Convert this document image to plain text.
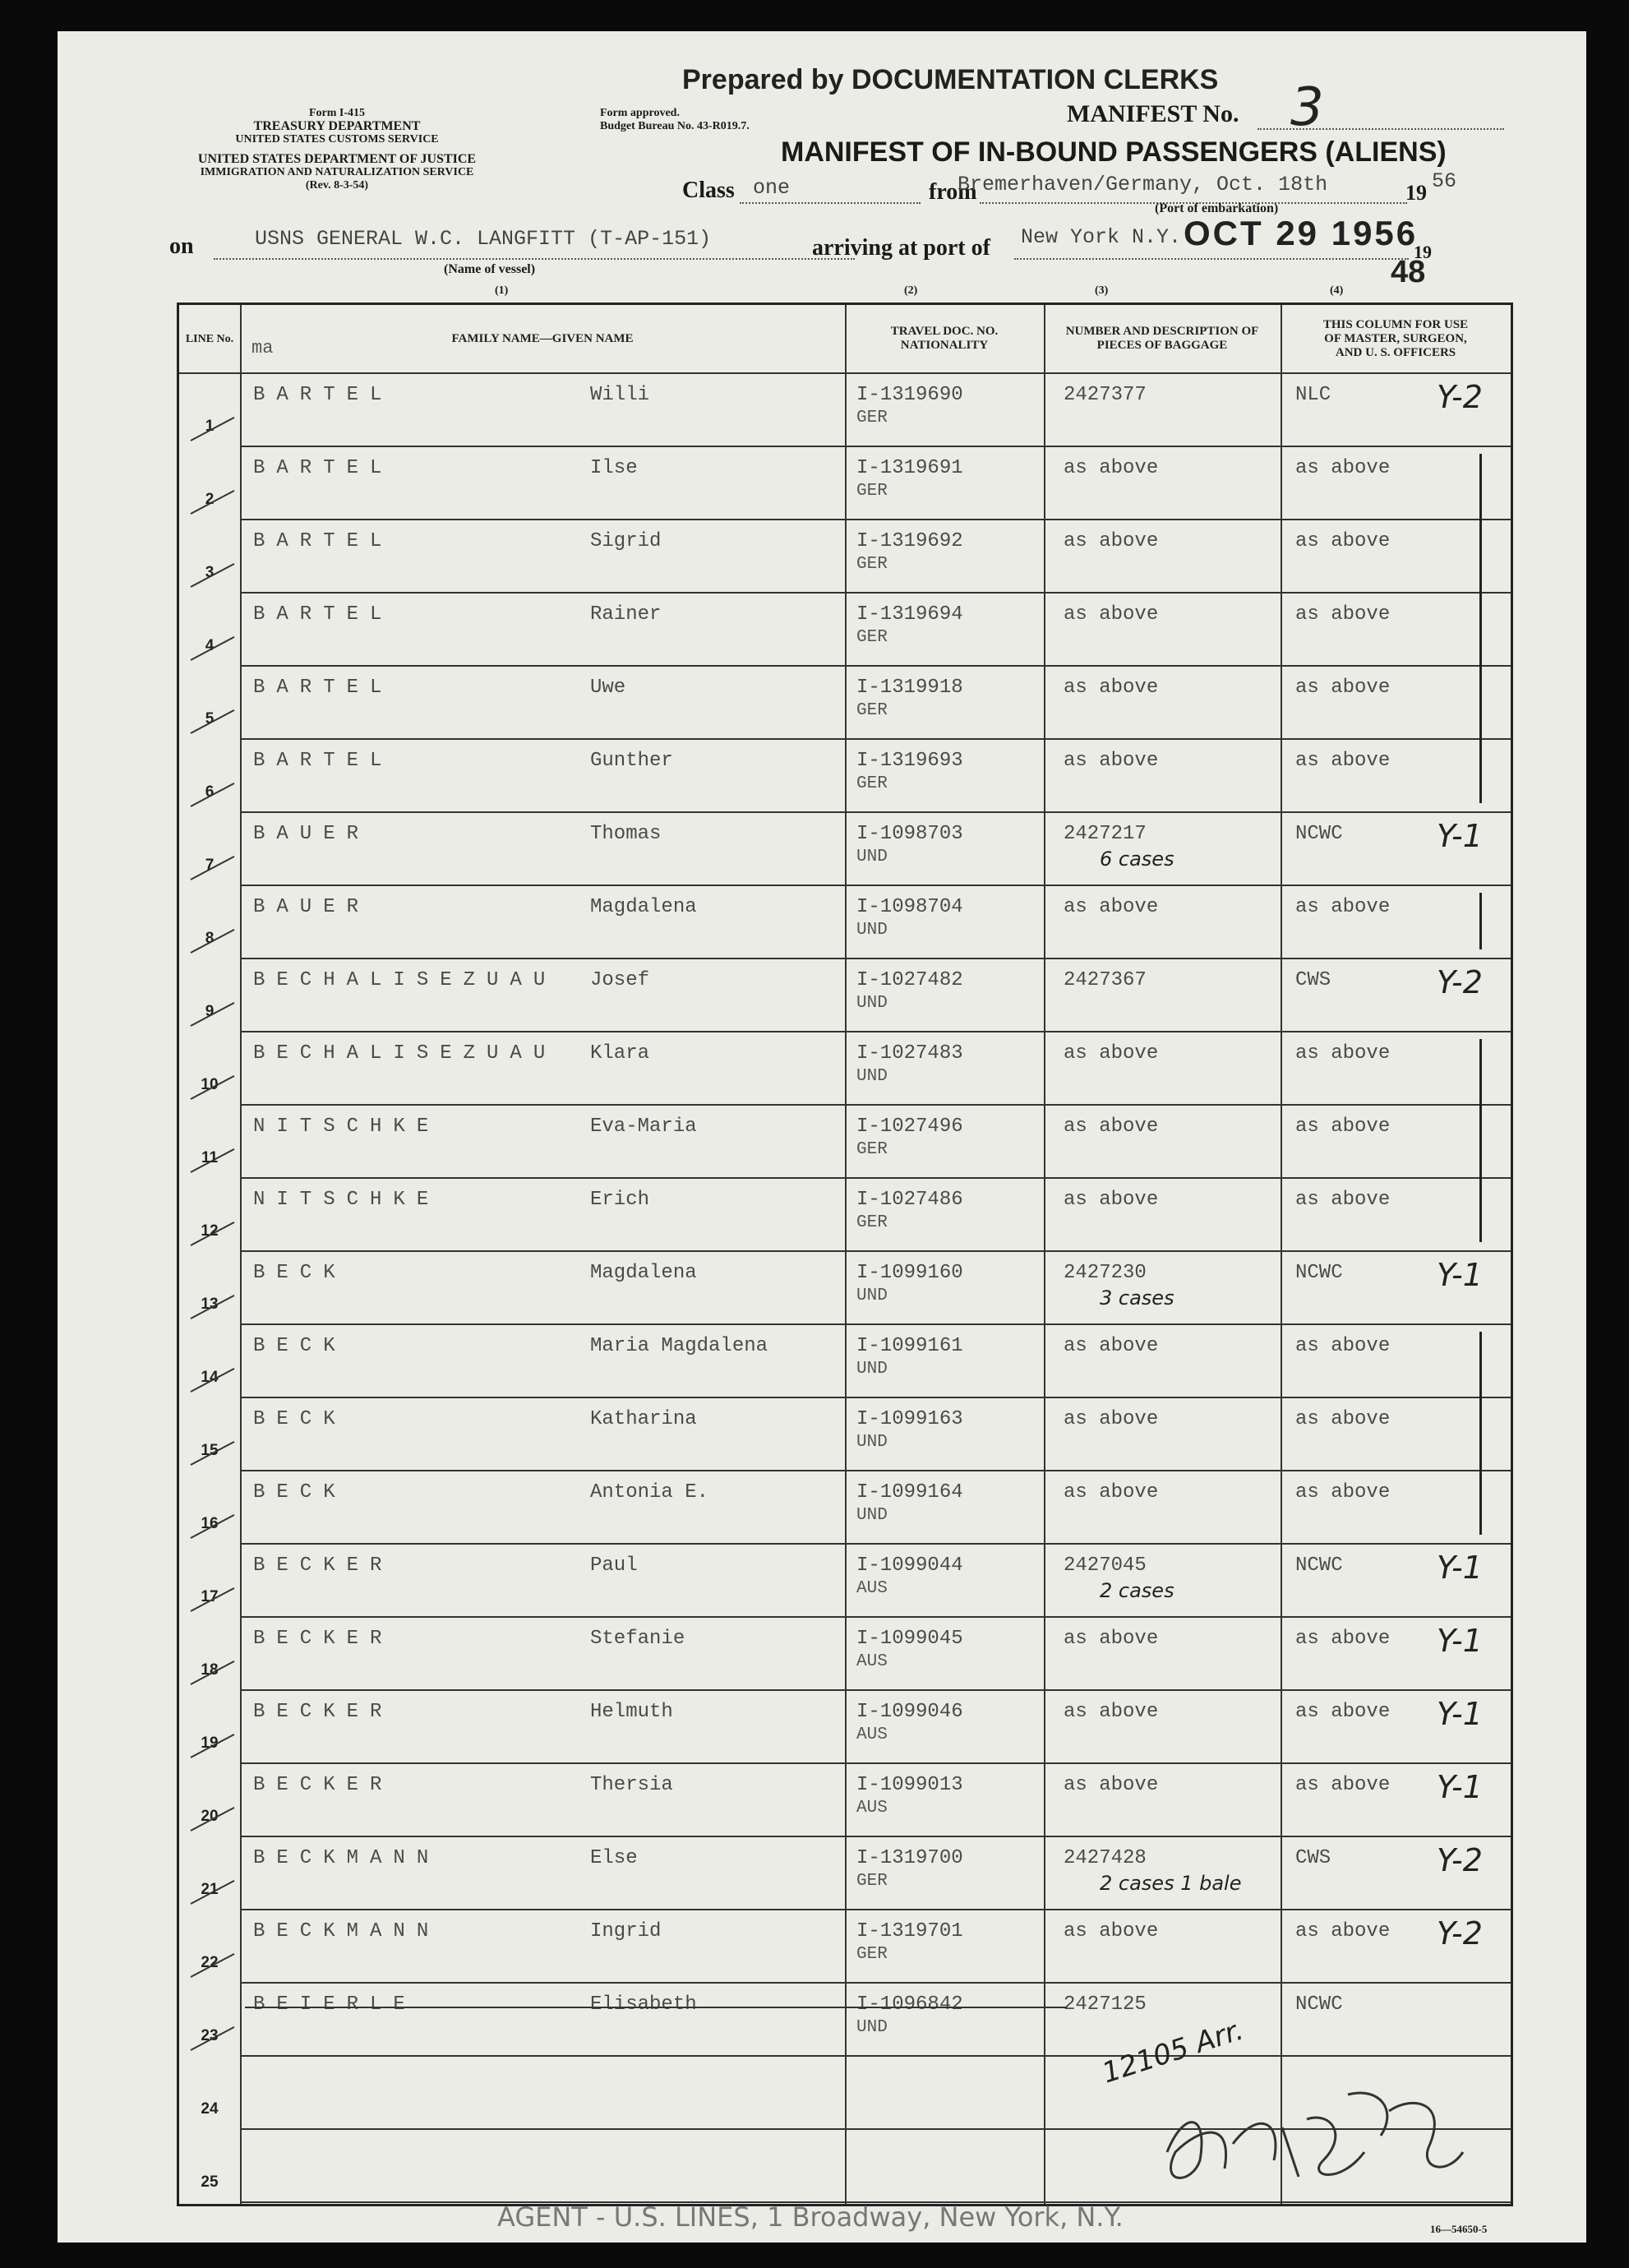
Prepared by DOCUMENTATION CLERKS
Form I-415
TREASURY DEPARTMENT
UNITED STATES CUSTOMS SERVICE
UNITED STATES DEPARTMENT OF JUSTICE
IMMIGRATION AND NATURALIZATION SERVICE
(Rev. 8-3-54)
Form approved.
Budget Bureau No. 43-R019.7.	MANIFEST No. 3
MANIFEST OF IN-BOUND PASSENGERS (ALIENS)
Class one	from
Bremerhaven/Germany, Oct. 18th	19 56
(Port of embarkation)
on	USNS GENERAL W.C. LANGFITT (T-AP-151)
(Name of vessel)
arriving at port of New York N.Y. OCT 29 1956
19
48
(1)	(2)	(3)	(4)
LINE No. ma	FAMILY NAME—GIVEN NAME
TRAVEL DOC. NO.
NATIONALITY
NUMBER AND DESCRIPTION OF
PIECES OF BAGGAGE
THIS COLUMN FOR USE
OF MASTER, SURGEON,
AND U. S. OFFICERS
1
BARTEL	Willi	I-1319690
GER
2427377	NLC	Y-2
2
BARTEL	Ilse	I-1319691
GER
as above	as above
3
BARTEL	Sigrid	I-1319692
GER
as above	as above
4
BARTEL	Rainer	I-1319694
GER
as above	as above
5
BARTEL	Uwe	I-1319918
GER
as above	as above
6
BARTEL	Gunther	I-1319693
GER
as above	as above
7
BAUER	Thomas	I-1098703
UND
2427217
6 cases
NCWC	Y-1
8
BAUER	Magdalena	I-1098704
UND
as above	as above
9
BECHALISEZUAU Josef	I-1027482
UND
2427367	CWS	Y-2
10
BECHALISEZUAU Klara	I-1027483
UND
as above	as above
11
NITSCHKE	Eva-Maria	I-1027496
GER
as above	as above
12
NITSCHKE	Erich	I-1027486
GER
as above	as above
13
BECK	Magdalena	I-1099160
UND
2427230
3 cases
NCWC	Y-1
14
BECK	Maria Magdalena	I-1099161
UND
as above	as above
15
BECK	Katharina	I-1099163
UND
as above	as above
16
BECK	Antonia E.	I-1099164
UND
as above	as above
17
BECKER	Paul	I-1099044
AUS
2427045
2 cases
NCWC	Y-1
18
BECKER	Stefanie	I-1099045
AUS
as above	as above Y-1
19
BECKER	Helmuth	I-1099046
AUS
as above	as above Y-1
20
BECKER	Thersia	I-1099013
AUS
as above	as above Y-1
21
BECKMANN	Else	I-1319700
GER
2427428
2 cases 1 bale
CWS	Y-2
22
BECKMANN	Ingrid	I-1319701
GER
as above	as above Y-2
23
BEIERLE	Elisabeth	I-1096842
UND
2427125	NCWC
24
25
12105 Arr.
AGENT - U.S. LINES, 1 Broadway, New York, N.Y.	16—54650-5
